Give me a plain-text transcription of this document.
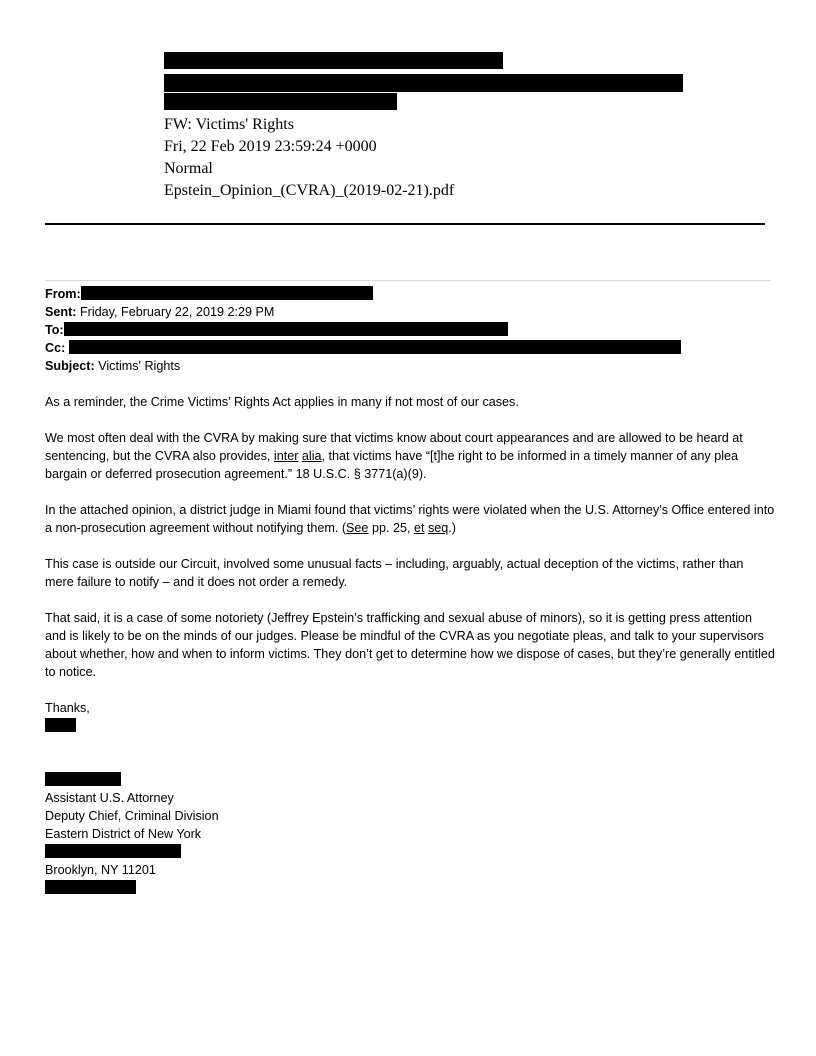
FW: Victims' Rights
Fri, 22 Feb 2019 23:59:24 +0000
Normal
Epstein_Opinion_(CVRA)_(2019-02-21).pdf
From:
Sent: Friday, February 22, 2019 2:29 PM
To:
Cc:
Subject: Victims' Rights

As a reminder, the Crime Victims’ Rights Act applies in many if not most of our cases.

We most often deal with the CVRA by making sure that victims know about court appearances and are allowed to be heard at sentencing, but the CVRA also provides, inter alia, that victims have “[t]he right to be informed in a timely manner of any plea bargain or deferred prosecution agreement.” 18 U.S.C. § 3771(a)(9).

In the attached opinion, a district judge in Miami found that victims’ rights were violated when the U.S. Attorney’s Office entered into a non-prosecution agreement without notifying them. (See pp. 25, et seq.)

This case is outside our Circuit, involved some unusual facts – including, arguably, actual deception of the victims, rather than mere failure to notify – and it does not order a remedy.

That said, it is a case of some notoriety (Jeffrey Epstein’s trafficking and sexual abuse of minors), so it is getting press attention and is likely to be on the minds of our judges. Please be mindful of the CVRA as you negotiate pleas, and talk to your supervisors about whether, how and when to inform victims. They don’t get to determine how we dispose of cases, but they’re generally entitled to notice.

Thanks,

Assistant U.S. Attorney
Deputy Chief, Criminal Division
Eastern District of New York
Brooklyn, NY 11201
